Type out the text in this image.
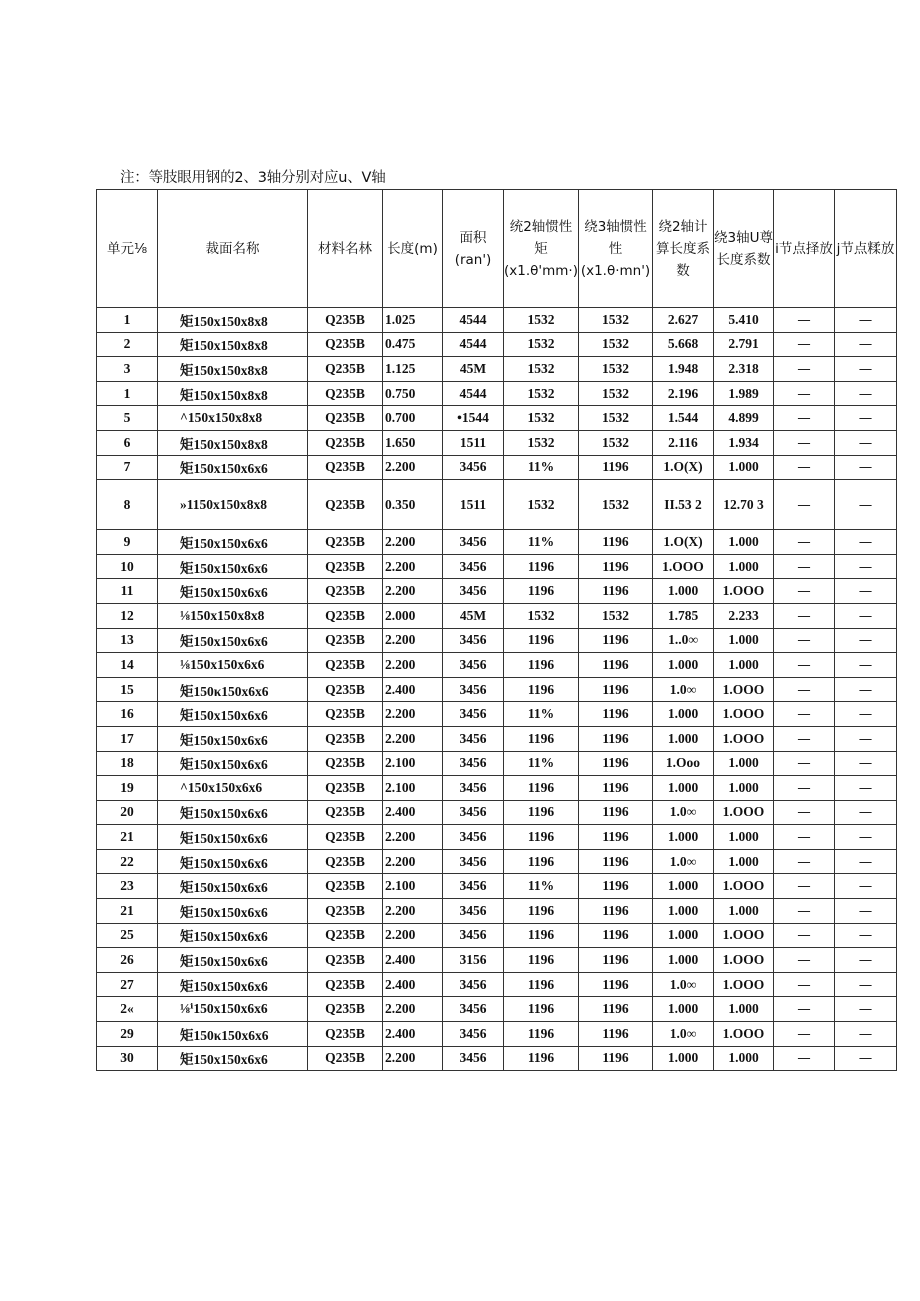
注：等肢眼用钢的2、3轴分别对应u、V轴
单元⅛	裁面名称	材料名林	长度(m)	面积 (ran')	统2轴惯性矩 (x1.θ'mm·)	绕3轴惯性性 (x1.θ·mn')	绕2轴计算长度系数	绕3轴U尊长度系数	i节点择放	j节点糅放
1	矩150x150x8x8	Q235B	1.025	4544	1532	1532	2.627	5.410	—	—
2	矩150x150x8x8	Q235B	0.475	4544	1532	1532	5.668	2.791	—	—
3	矩150x150x8x8	Q235B	1.125	45M	1532	1532	1.948	2.318	—	—
1	矩150x150x8x8	Q235B	0.750	4544	1532	1532	2.196	1.989	—	—
5	^150x150x8x8	Q235B	0.700	•1544	1532	1532	1.544	4.899	—	—
6	矩150x150x8x8	Q235B	1.650	1511	1532	1532	2.116	1.934	—	—
7	矩150x150x6x6	Q235B	2.200	3456	11%	1196	1.O(X)	1.000	—	—
8	»1150x150x8x8	Q235B	0.350	1511	1532	1532	II.53 2	12.70 3	—	—
9	矩150x150x6x6	Q235B	2.200	3456	11%	1196	1.O(X)	1.000	—	—
10	矩150x150x6x6	Q235B	2.200	3456	1196	1196	1.OOO	1.000	—	—
11	矩150x150x6x6	Q235B	2.200	3456	1196	1196	1.000	1.OOO	—	—
12	⅛150x150x8x8	Q235B	2.000	45M	1532	1532	1.785	2.233	—	—
13	矩150x150x6x6	Q235B	2.200	3456	1196	1196	1..0∞	1.000	—	—
14	⅛150x150x6x6	Q235B	2.200	3456	1196	1196	1.000	1.000	—	—
15	矩150κ150x6x6	Q235B	2.400	3456	1196	1196	1.0∞	1.OOO	—	—
16	矩150x150x6x6	Q235B	2.200	3456	11%	1196	1.000	1.OOO	—	—
17	矩150x150x6x6	Q235B	2.200	3456	1196	1196	1.000	1.OOO	—	—
18	矩150x150x6x6	Q235B	2.100	3456	11%	1196	1.Ooo	1.000	—	—
19	^150x150x6x6	Q235B	2.100	3456	1196	1196	1.000	1.000	—	—
20	矩150x150x6x6	Q235B	2.400	3456	1196	1196	1.0∞	1.OOO	—	—
21	矩150x150x6x6	Q235B	2.200	3456	1196	1196	1.000	1.000	—	—
22	矩150x150x6x6	Q235B	2.200	3456	1196	1196	1.0∞	1.000	—	—
23	矩150x150x6x6	Q235B	2.100	3456	11%	1196	1.000	1.OOO	—	—
21	矩150x150x6x6	Q235B	2.200	3456	1196	1196	1.000	1.000	—	—
25	矩150x150x6x6	Q235B	2.200	3456	1196	1196	1.000	1.OOO	—	—
26	矩150x150x6x6	Q235B	2.400	3156	1196	1196	1.000	1.OOO	—	—
27	矩150x150x6x6	Q235B	2.400	3456	1196	1196	1.0∞	1.OOO	—	—
2«	⅛ⁱ150x150x6x6	Q235B	2.200	3456	1196	1196	1.000	1.000	—	—
29	矩150κ150x6x6	Q235B	2.400	3456	1196	1196	1.0∞	1.OOO	—	—
30	矩150x150x6x6	Q235B	2.200	3456	1196	1196	1.000	1.000	—	—
